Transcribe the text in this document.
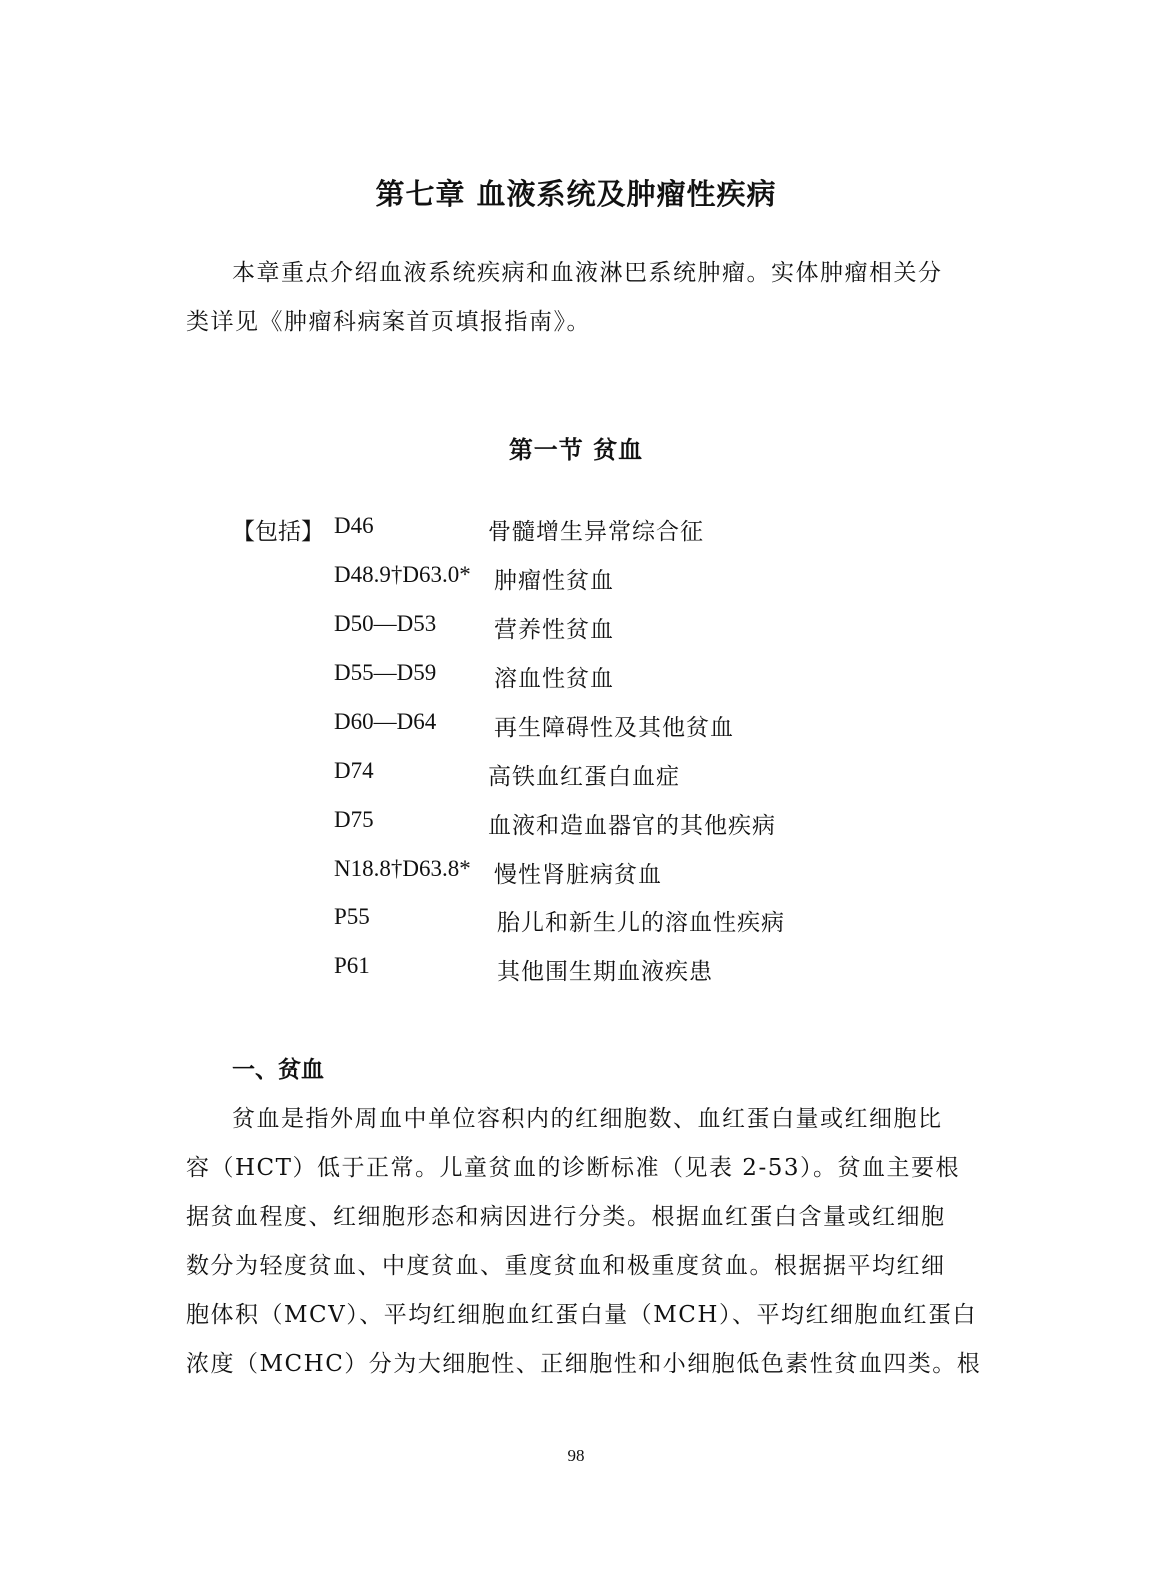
第七章 血液系统及肿瘤性疾病
本章重点介绍血液系统疾病和血液淋巴系统肿瘤。实体肿瘤相关分
类详见《肿瘤科病案首页填报指南》。
第一节 贫血
【包括】 D46	骨髓增生异常综合征
D48.9†D63.0* 肿瘤性贫血
D50—D53	营养性贫血
D55—D59	溶血性贫血
D60—D64	再生障碍性及其他贫血
D74	高铁血红蛋白血症
D75	血液和造血器官的其他疾病
N18.8†D63.8* 慢性肾脏病贫血
P55	胎儿和新生儿的溶血性疾病
P61	其他围生期血液疾患
一、贫血
贫血是指外周血中单位容积内的红细胞数、血红蛋白量或红细胞比
容（HCT）低于正常。儿童贫血的诊断标准（见表 2-53）。贫血主要根
据贫血程度、红细胞形态和病因进行分类。根据血红蛋白含量或红细胞
数分为轻度贫血、中度贫血、重度贫血和极重度贫血。根据据平均红细
胞体积（MCV）、平均红细胞血红蛋白量（MCH）、平均红细胞血红蛋白
浓度（MCHC）分为大细胞性、正细胞性和小细胞低色素性贫血四类。根
98
